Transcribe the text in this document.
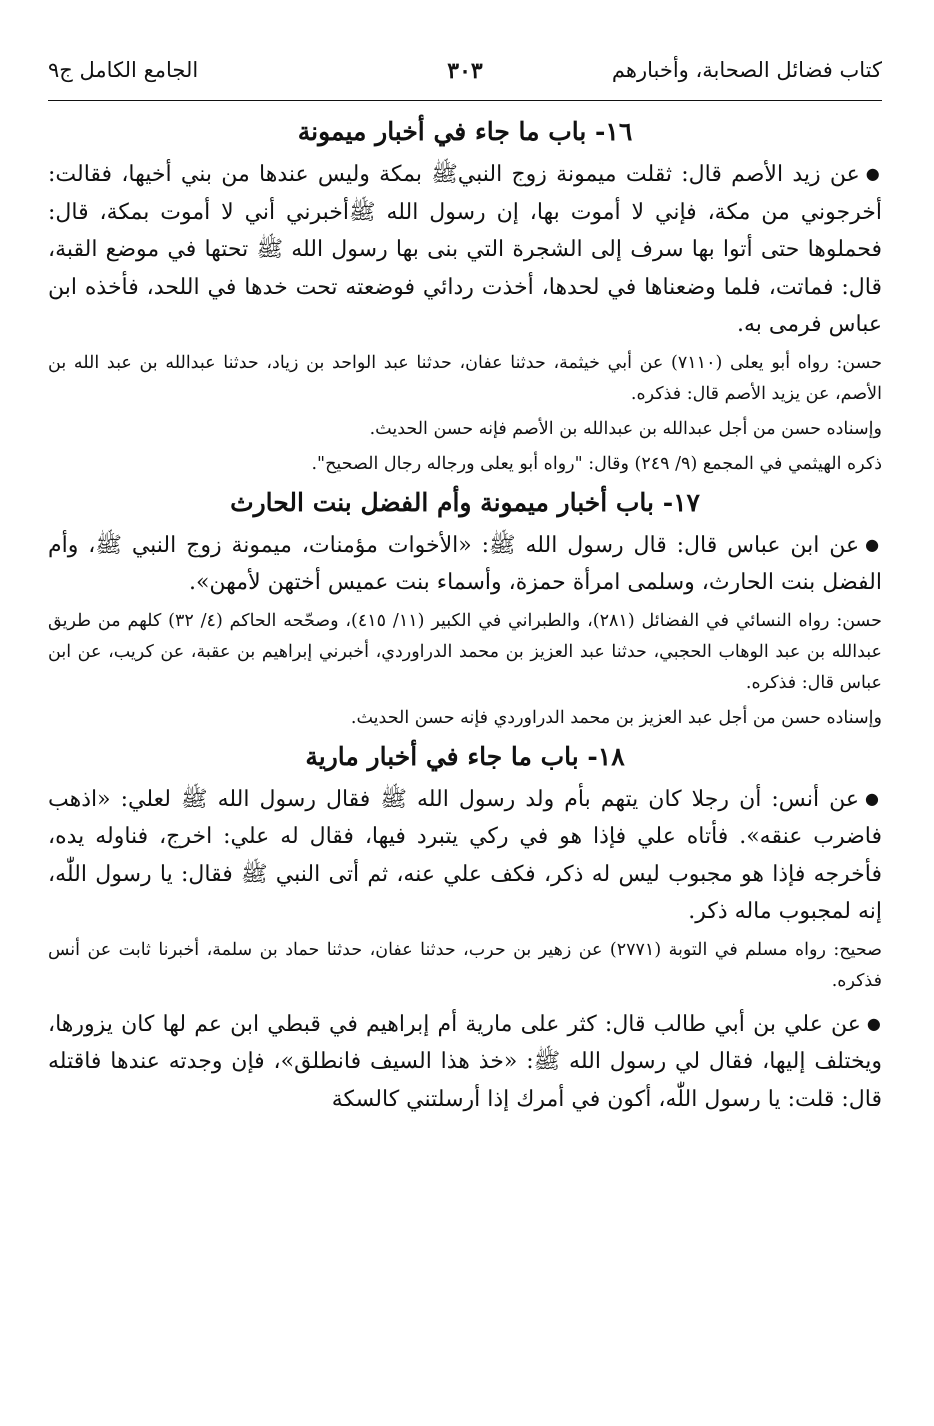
كتاب فضائل الصحابة، وأخبارهم
٣٠٣
الجامع الكامل ج٩
١٦- باب ما جاء في أخبار ميمونة

●عن زيد الأصم قال: ثقلت ميمونة زوج النبيﷺ بمكة وليس عندها من بني أخيها، فقالت: أخرجوني من مكة، فإني لا أموت بها، إن رسول الله ﷺأخبرني أني لا أموت بمكة، قال: فحملوها حتى أتوا بها سرف إلى الشجرة التي بنى بها رسول الله ﷺ تحتها في موضع القبة، قال: فماتت، فلما وضعناها في لحدها، أخذت ردائي فوضعته تحت خدها في اللحد، فأخذه ابن عباس فرمى به.

حسن: رواه أبو يعلى (٧١١٠) عن أبي خيثمة، حدثنا عفان، حدثنا عبد الواحد بن زياد، حدثنا عبدالله بن عبد الله بن الأصم، عن يزيد الأصم قال: فذكره.

وإسناده حسن من أجل عبدالله بن عبدالله بن الأصم فإنه حسن الحديث.

ذكره الهيثمي في المجمع (٩/ ٢٤٩) وقال: "رواه أبو يعلى ورجاله رجال الصحيح".

١٧- باب أخبار ميمونة وأم الفضل بنت الحارث

●عن ابن عباس قال: قال رسول الله ﷺ: «الأخوات مؤمنات، ميمونة زوج النبي ﷺ، وأم الفضل بنت الحارث، وسلمى امرأة حمزة، وأسماء بنت عميس أختهن لأمهن».

حسن: رواه النسائي في الفضائل (٢٨١)، والطبراني في الكبير (١١/ ٤١٥)، وصحّحه الحاكم (٤/ ٣٢) كلهم من طريق عبدالله بن عبد الوهاب الحجبي، حدثنا عبد العزيز بن محمد الدراوردي، أخبرني إبراهيم بن عقبة، عن كريب، عن ابن عباس قال: فذكره.

وإسناده حسن من أجل عبد العزيز بن محمد الدراوردي فإنه حسن الحديث.

١٨- باب ما جاء في أخبار مارية

●عن أنس: أن رجلا كان يتهم بأم ولد رسول الله ﷺ فقال رسول الله ﷺ لعلي: «اذهب فاضرب عنقه». فأتاه علي فإذا هو في ركي يتبرد فيها، فقال له علي: اخرج، فناوله يده، فأخرجه فإذا هو مجبوب ليس له ذكر، فكف علي عنه، ثم أتى النبي ﷺ فقال: يا رسول اللّٰه، إنه لمجبوب ماله ذكر.

صحيح: رواه مسلم في التوبة (٢٧٧١) عن زهير بن حرب، حدثنا عفان، حدثنا حماد بن سلمة، أخبرنا ثابت عن أنس فذكره.

●عن علي بن أبي طالب قال: كثر على مارية أم إبراهيم في قبطي ابن عم لها كان يزورها، ويختلف إليها، فقال لي رسول الله ﷺ: «خذ هذا السيف فانطلق»، فإن وجدته عندها فاقتله قال: قلت: يا رسول اللّٰه، أكون في أمرك إذا أرسلتني كالسكة
